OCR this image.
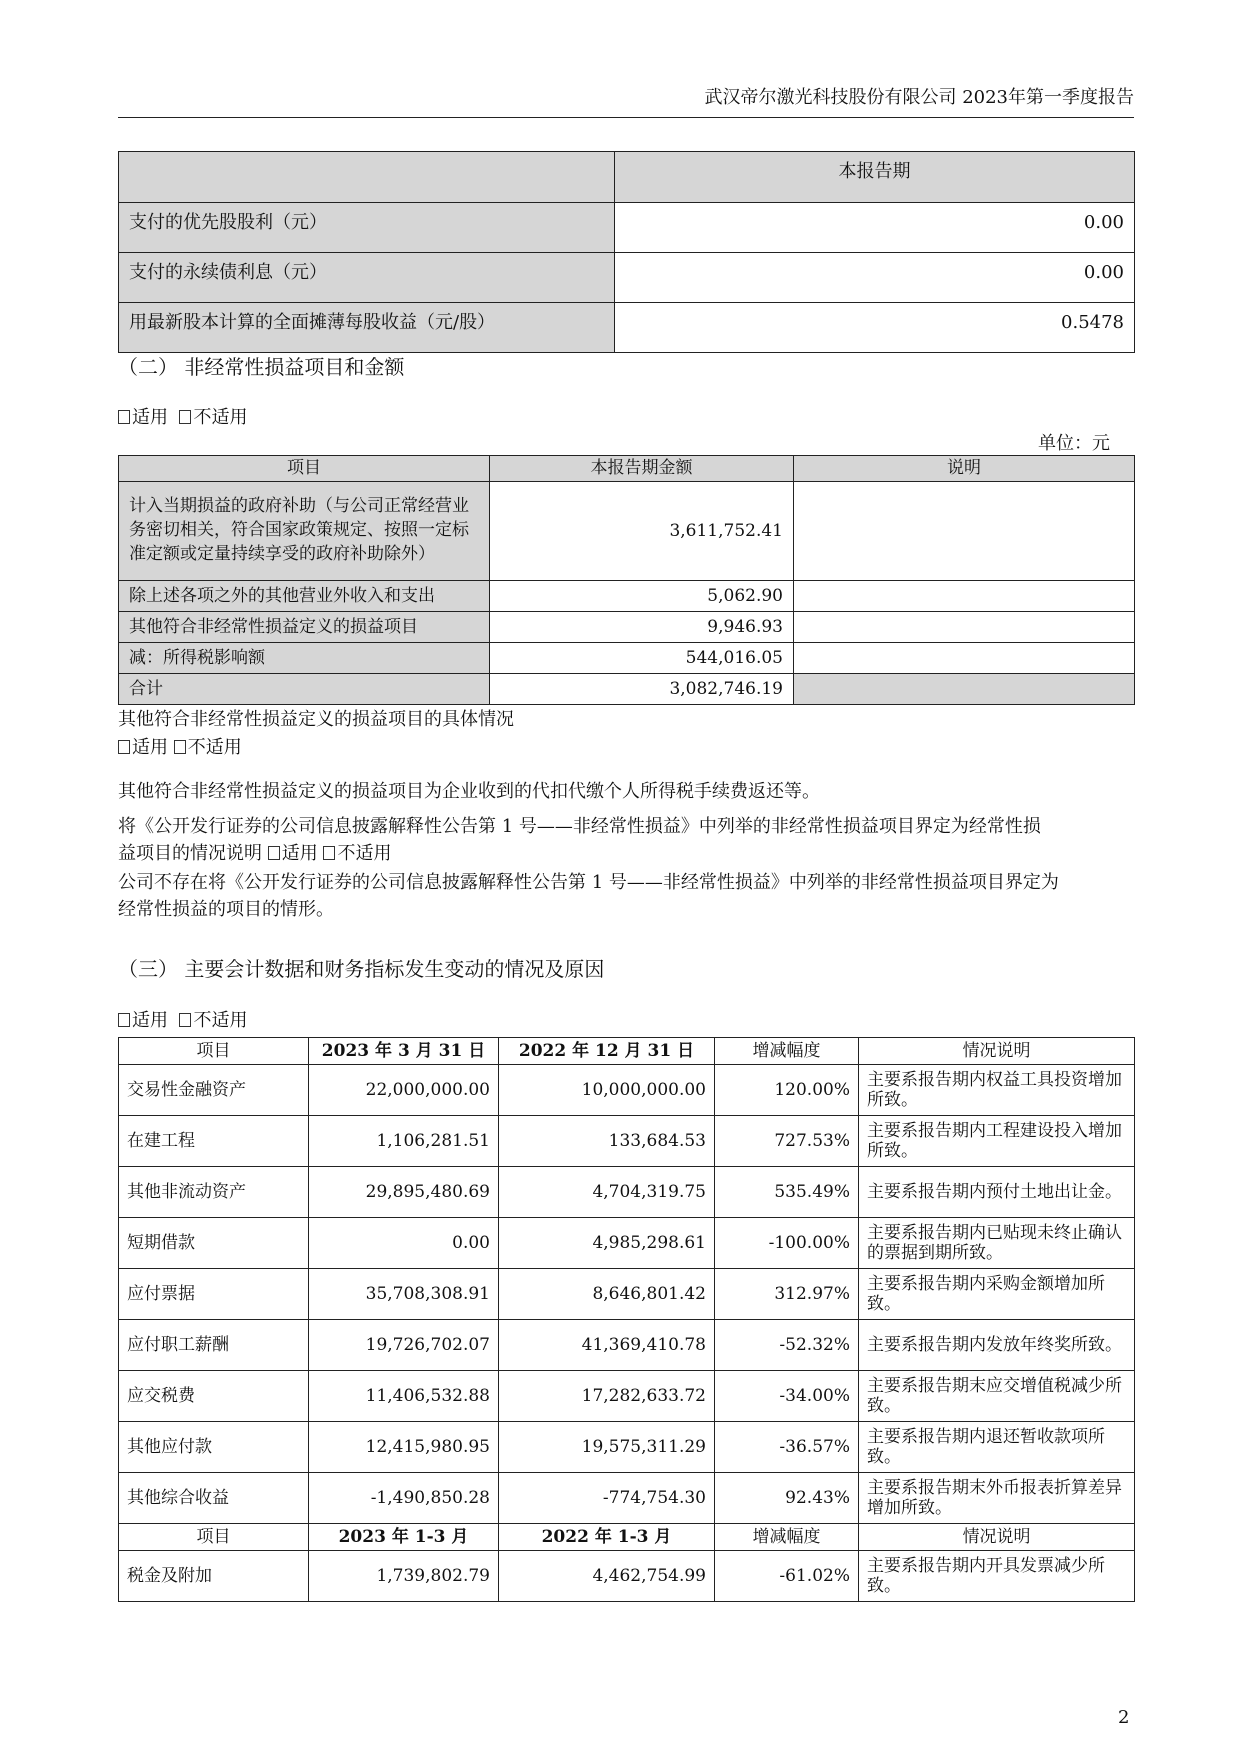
武汉帝尔激光科技股份有限公司 2023年第一季度报告
	本报告期
支付的优先股股利（元）	0.00
支付的永续债利息（元）	0.00
用最新股本计算的全面摊薄每股收益（元/股）	0.5478
（二） 非经常性损益项目和金额
适用 不适用
单位：元
项目	本报告期金额	说明
计入当期损益的政府补助（与公司正常经营业务密切相关，符合国家政策规定、按照一定标准定额或定量持续享受的政府补助除外）	3,611,752.41	
除上述各项之外的其他营业外收入和支出	5,062.90	
其他符合非经常性损益定义的损益项目	9,946.93	
减：所得税影响额	544,016.05	
合计	3,082,746.19	
其他符合非经常性损益定义的损益项目的具体情况
适用 不适用
其他符合非经常性损益定义的损益项目为企业收到的代扣代缴个人所得税手续费返还等。
将《公开发行证券的公司信息披露解释性公告第 1 号——非经常性损益》中列举的非经常性损益项目界定为经常性损
益项目的情况说明 适用 不适用
公司不存在将《公开发行证券的公司信息披露解释性公告第 1 号——非经常性损益》中列举的非经常性损益项目界定为
经常性损益的项目的情形。
（三） 主要会计数据和财务指标发生变动的情况及原因
适用 不适用
项目	2023 年 3 月 31 日	2022 年 12 月 31 日	增减幅度	情况说明
交易性金融资产	22,000,000.00	10,000,000.00	120.00%	主要系报告期内权益工具投资增加所致。
在建工程	1,106,281.51	133,684.53	727.53%	主要系报告期内工程建设投入增加所致。
其他非流动资产	29,895,480.69	4,704,319.75	535.49%	主要系报告期内预付土地出让金。
短期借款	0.00	4,985,298.61	-100.00%	主要系报告期内已贴现未终止确认的票据到期所致。
应付票据	35,708,308.91	8,646,801.42	312.97%	主要系报告期内采购金额增加所致。
应付职工薪酬	19,726,702.07	41,369,410.78	-52.32%	主要系报告期内发放年终奖所致。
应交税费	11,406,532.88	17,282,633.72	-34.00%	主要系报告期末应交增值税减少所致。
其他应付款	12,415,980.95	19,575,311.29	-36.57%	主要系报告期内退还暂收款项所致。
其他综合收益	-1,490,850.28	-774,754.30	92.43%	主要系报告期末外币报表折算差异增加所致。
项目	2023 年 1-3 月	2022 年 1-3 月	增减幅度	情况说明
税金及附加	1,739,802.79	4,462,754.99	-61.02%	主要系报告期内开具发票减少所致。
2
